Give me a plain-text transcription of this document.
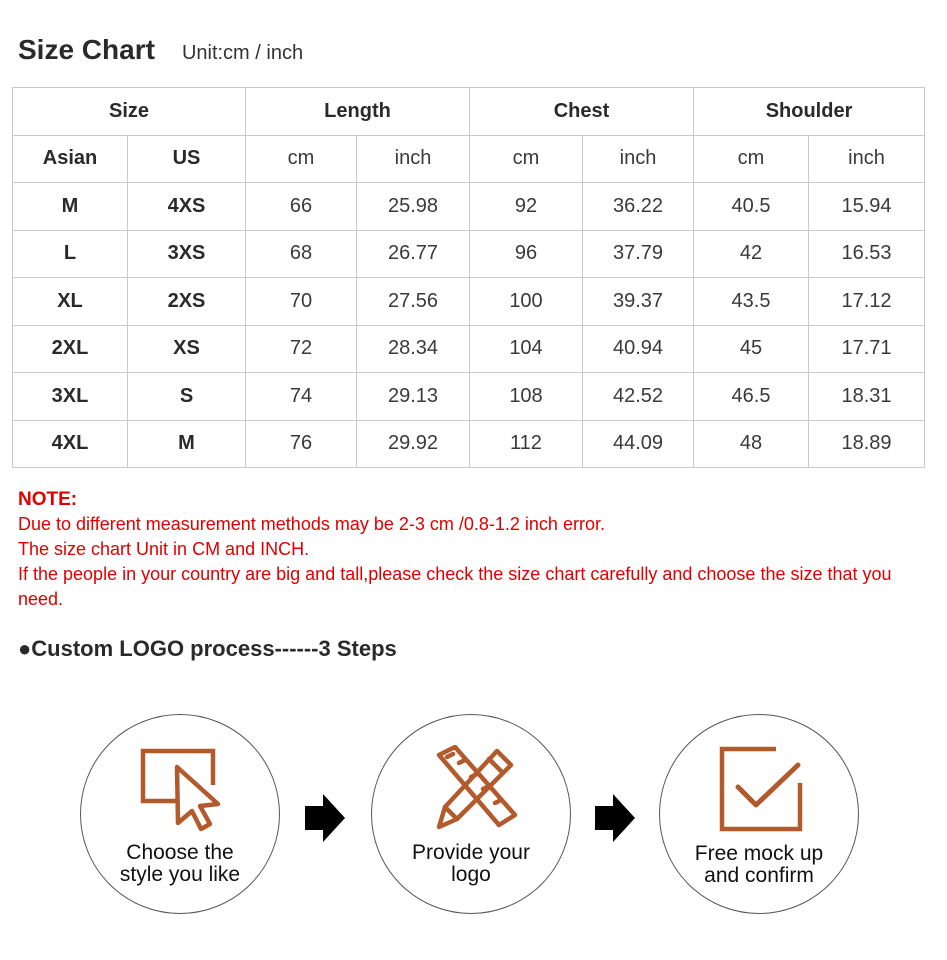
Size Chart Unit:cm / inch
Size		Length		Chest		Shoulder	
Asian	US	cm	inch	cm	inch	cm	inch
M	4XS	66	25.98	92	36.22	40.5	15.94
L	3XS	68	26.77	96	37.79	42	16.53
XL	2XS	70	27.56	100	39.37	43.5	17.12
2XL	XS	72	28.34	104	40.94	45	17.71
3XL	S	74	29.13	108	42.52	46.5	18.31
4XL	M	76	29.92	112	44.09	48	18.89

NOTE:

Due to different measurement methods may be 2-3 cm /0.8-1.2 inch error.

The size chart Unit in CM and INCH.

If the people in your country are big and tall,please check the size chart carefully and choose the size that you need.

●Custom LOGO process------3 Steps
Choose the
style you like
Provide your
logo
Free mock up
and confirm
